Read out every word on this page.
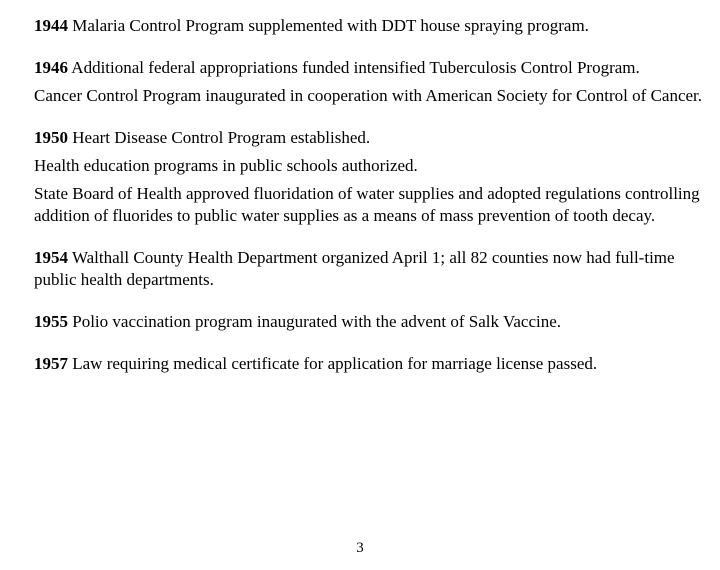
1944 Malaria Control Program supplemented with DDT house spraying program.

1946 Additional federal appropriations funded intensified Tuberculosis Control Program.

Cancer Control Program inaugurated in cooperation with American Society for Control of Cancer.

1950 Heart Disease Control Program established.

Health education programs in public schools authorized.

State Board of Health approved fluoridation of water supplies and adopted regulations controlling addition of fluorides to public water supplies as a means of mass prevention of tooth decay.

1954 Walthall County Health Department organized April 1; all 82 counties now had full-time public health departments.

1955 Polio vaccination program inaugurated with the advent of Salk Vaccine.

1957 Law requiring medical certificate for application for marriage license passed.

3
